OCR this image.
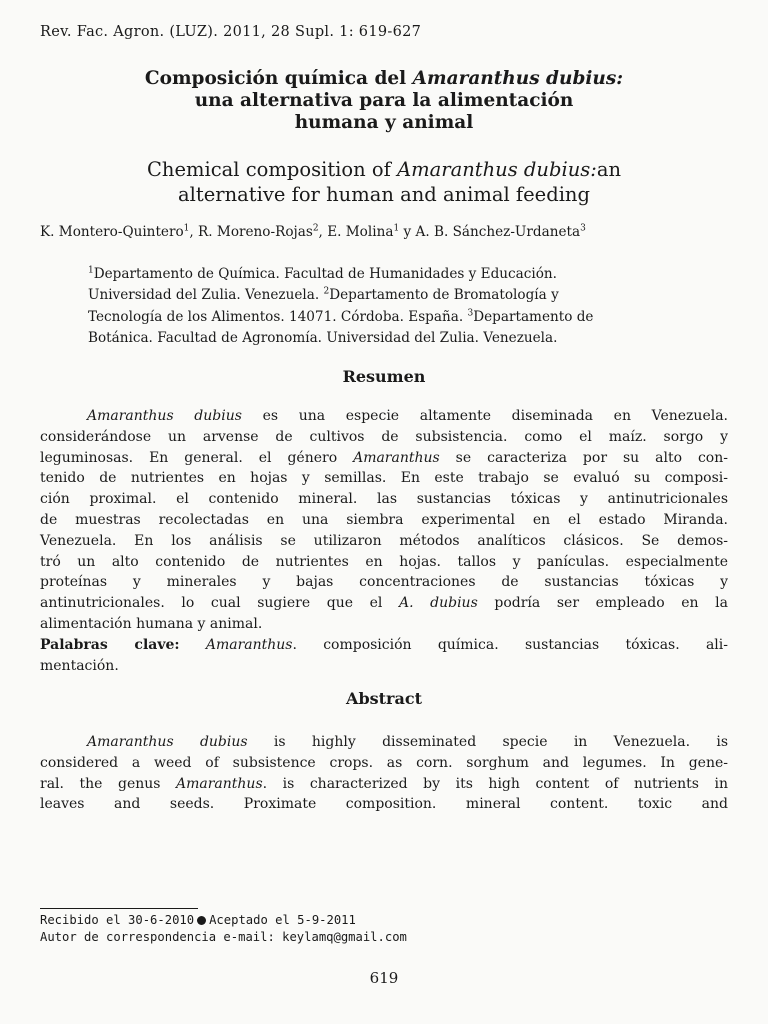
Rev. Fac. Agron. (LUZ). 2011, 28 Supl. 1: 619-627
Composición química del Amaranthus dubius:
una alternativa para la alimentación
humana y animal
Chemical composition of Amaranthus dubius:an
alternative for human and animal feeding
K. Montero-Quintero$^1$, R. Moreno-Rojas$^2$, E. Molina$^1$ y A. B. Sánchez-Urdaneta$^3$
$^1$Departamento de Química. Facultad de Humanidades y Educación.
Universidad del Zulia. Venezuela. $^2$Departamento de Bromatología y
Tecnología de los Alimentos. 14071. Córdoba. España. $^3$Departamento de
Botánica. Facultad de Agronomía. Universidad del Zulia. Venezuela.
Resumen
Amaranthus dubius es una especie altamente diseminada en Venezuela.
considerándose un arvense de cultivos de subsistencia. como el maíz. sorgo y
leguminosas. En general. el género Amaranthus se caracteriza por su alto con-
tenido de nutrientes en hojas y semillas. En este trabajo se evaluó su composi-
ción proximal. el contenido mineral. las sustancias tóxicas y antinutricionales
de muestras recolectadas en una siembra experimental en el estado Miranda.
Venezuela. En los análisis se utilizaron métodos analíticos clásicos. Se demos-
tró un alto contenido de nutrientes en hojas. tallos y panículas. especialmente
proteínas y minerales y bajas concentraciones de sustancias tóxicas y
antinutricionales. lo cual sugiere que el A. dubius podría ser empleado en la
alimentación humana y animal.
Palabras clave: Amaranthus. composición química. sustancias tóxicas. ali-
mentación.
Abstract
Amaranthus dubius is highly disseminated specie in Venezuela. is
considered a weed of subsistence crops. as corn. sorghum and legumes. In gene-
ral. the genus Amaranthus. is characterized by its high content of nutrients in
leaves and seeds. Proximate composition. mineral content. toxic and
Recibido el 30-6-2010 Aceptado el 5-9-2011
Autor de correspondencia e-mail: keylamq@gmail.com
619
